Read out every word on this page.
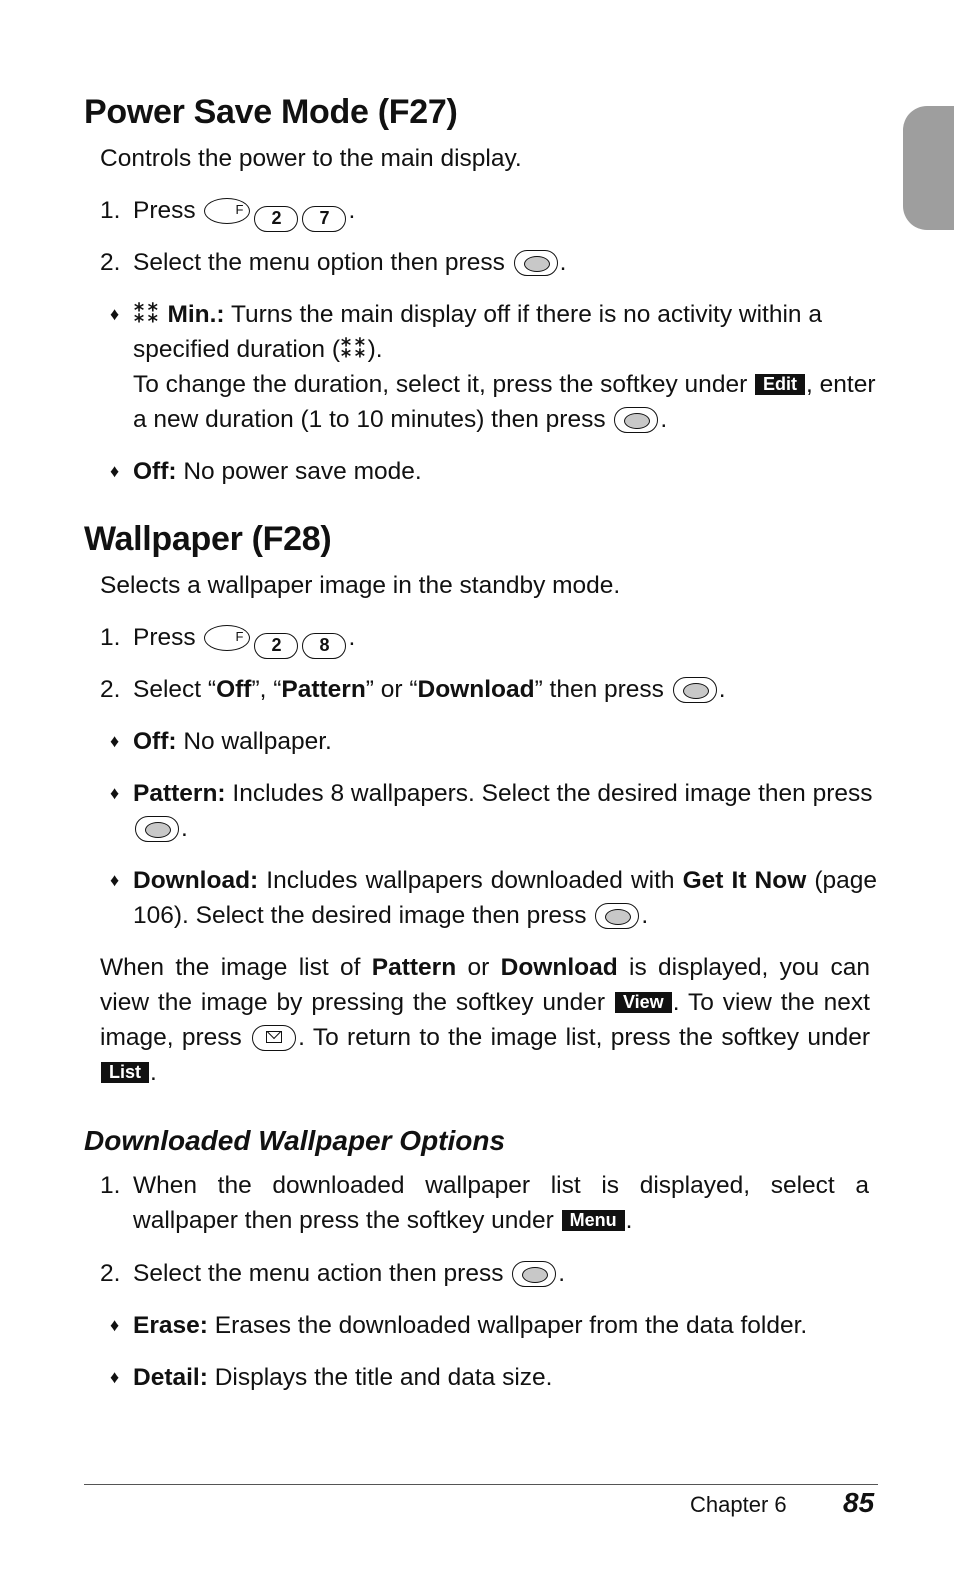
Power Save Mode (F27)
Controls the power to the main display.
1. Press	F 2 7 .
2. Select the menu option then press .
♦ ⁑⁑ Min.: Turns the main display off if there is no activity within a specified duration (⁑⁑).
To change the duration, select it, press the softkey under Edit , enter a new duration (1 to 10 minutes) then press .
♦ Off: No power save mode.
Wallpaper (F28)
Selects a wallpaper image in the standby mode.
1. Press	F 2 8 .
2. Select “Off”, “Pattern” or “Download” then press .
♦ Off: No wallpaper.
♦ Pattern: Includes 8 wallpapers. Select the desired image then press
.
♦ Download: Includes wallpapers downloaded with Get It Now (page 106). Select the desired image then press .
When the image list of Pattern or Download is displayed, you can view the image by pressing the softkey under View . To view the next image, press . To return to the image list, press the softkey under List .
Downloaded Wallpaper Options
1. When the downloaded wallpaper list is displayed, select a wallpaper then press the softkey under Menu .
2. Select the menu action then press .
♦ Erase: Erases the downloaded wallpaper from the data folder.
♦ Detail: Displays the title and data size.
Chapter 6 85
